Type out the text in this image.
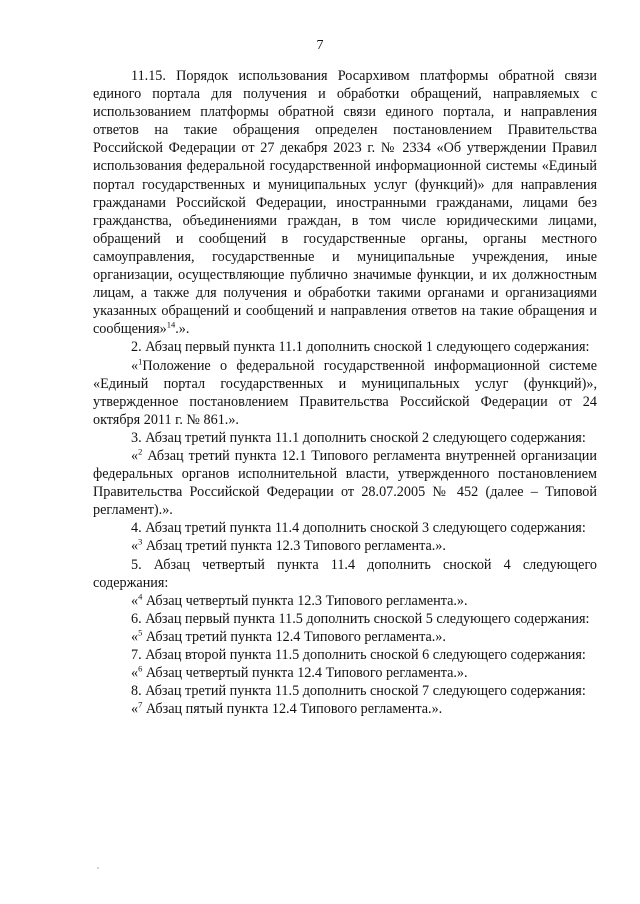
7

11.15. Порядок использования Росархивом платформы обратной связи единого портала для получения и обработки обращений, направляемых с использованием платформы обратной связи единого портала, и направления ответов на такие обращения определен постановлением Правительства Российской Федерации от 27 декабря 2023 г. № 2334 «Об утверждении Правил использования федеральной государственной информационной системы «Единый портал государственных и муниципальных услуг (функций)» для направления гражданами Российской Федерации, иностранными гражданами, лицами без гражданства, объединениями граждан, в том числе юридическими лицами, обращений и сообщений в государственные органы, органы местного самоуправления, государственные и муниципальные учреждения, иные организации, осуществляющие публично значимые функции, и их должностным лицам, а также для получения и обработки такими органами и организациями указанных обращений и сообщений и направления ответов на такие обращения и сообщения»$^{14}$.».

2. Абзац первый пункта 11.1 дополнить сноской 1 следующего содержания:

«$^1$Положение о федеральной государственной информационной системе «Единый портал государственных и муниципальных услуг (функций)», утвержденное постановлением Правительства Российской Федерации от 24 октября 2011 г. № 861.».

3. Абзац третий пункта 11.1 дополнить сноской 2 следующего содержания:

«$^2$ Абзац третий пункта 12.1 Типового регламента внутренней организации федеральных органов исполнительной власти, утвержденного постановлением Правительства Российской Федерации от 28.07.2005 № 452 (далее – Типовой регламент).».

4. Абзац третий пункта 11.4 дополнить сноской 3 следующего содержания:

«$^3$ Абзац третий пункта 12.3 Типового регламента.».

5. Абзац четвертый пункта 11.4 дополнить сноской 4 следующего содержания:

«$^4$ Абзац четвертый пункта 12.3 Типового регламента.».

6. Абзац первый пункта 11.5 дополнить сноской 5 следующего содержания:

«$^5$ Абзац третий пункта 12.4 Типового регламента.».

7. Абзац второй пункта 11.5 дополнить сноской 6 следующего содержания:

«$^6$ Абзац четвертый пункта 12.4 Типового регламента.».

8. Абзац третий пункта 11.5 дополнить сноской 7 следующего содержания:

«$^7$ Абзац пятый пункта 12.4 Типового регламента.».
